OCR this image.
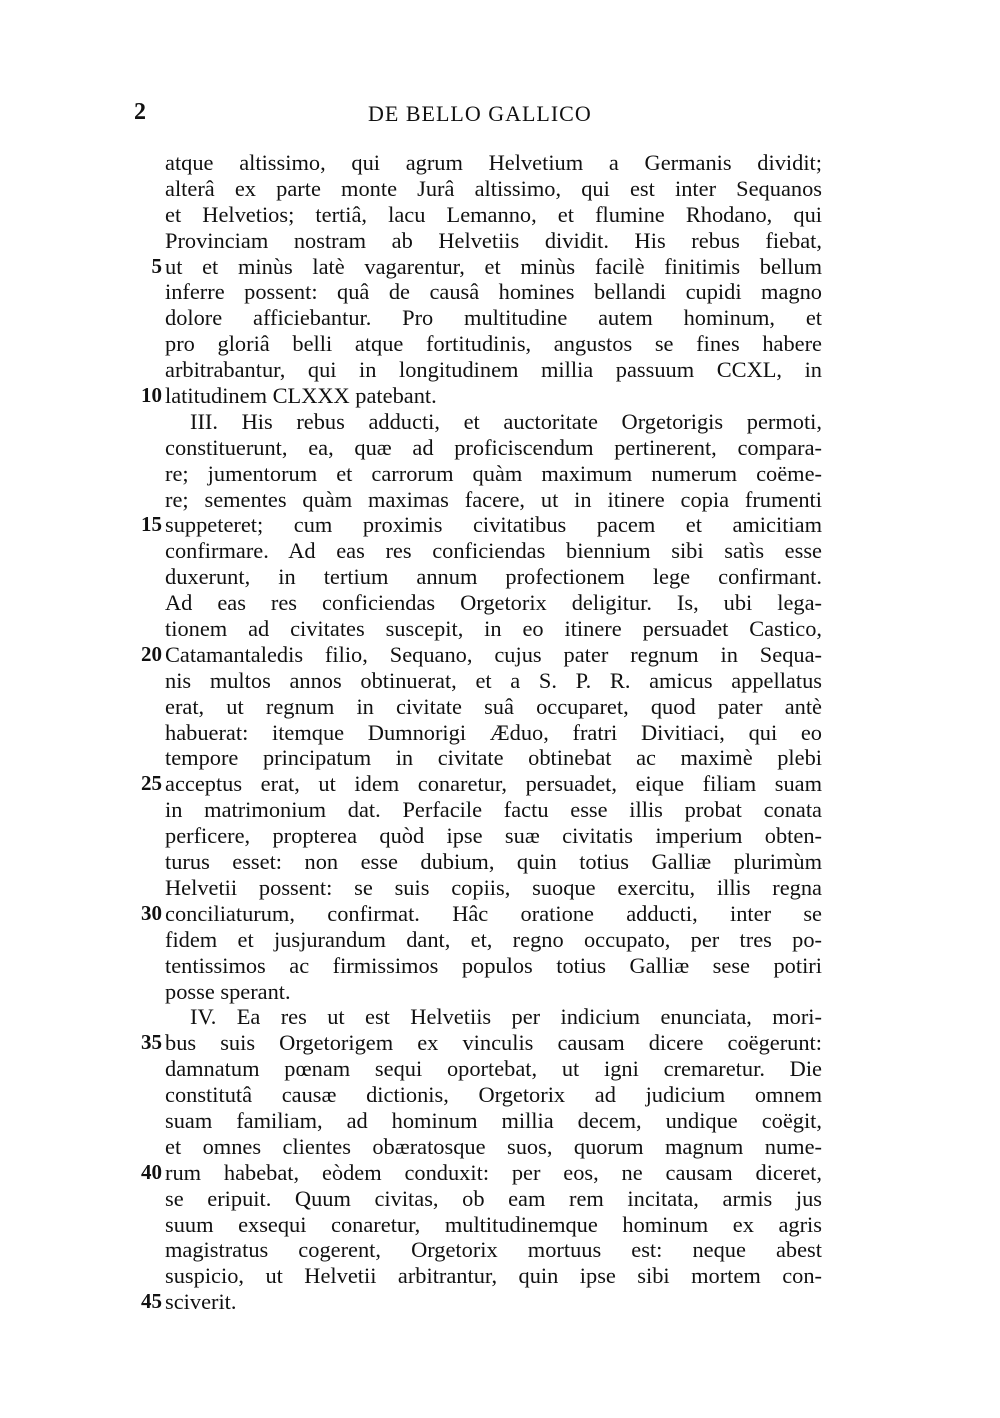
2	DE BELLO GALLICO
atque altissimo, qui agrum Helvetium a Germanis dividit;
alterâ ex parte monte Jurâ altissimo, qui est inter Sequanos
et Helvetios; tertiâ, lacu Lemanno, et flumine Rhodano, qui
Provinciam nostram ab Helvetiis dividit. His rebus fiebat,
5 ut et minùs latè vagarentur, et minùs facilè finitimis bellum
inferre possent: quâ de causâ homines bellandi cupidi magno
dolore afficiebantur. Pro multitudine autem hominum, et
pro gloriâ belli atque fortitudinis, angustos se fines habere
arbitrabantur, qui in longitudinem millia passuum CCXL, in
10 latitudinem CLXXX patebant.
III. His rebus adducti, et auctoritate Orgetorigis permoti,
constituerunt, ea, quæ ad proficiscendum pertinerent, compara-
re; jumentorum et carrorum quàm maximum numerum coëme-
re; sementes quàm maximas facere, ut in itinere copia frumenti
15 suppeteret; cum proximis civitatibus pacem et amicitiam
confirmare. Ad eas res conficiendas biennium sibi satìs esse
duxerunt, in tertium annum profectionem lege confirmant.
Ad eas res conficiendas Orgetorix deligitur. Is, ubi lega-
tionem ad civitates suscepit, in eo itinere persuadet Castico,
20 Catamantaledis filio, Sequano, cujus pater regnum in Sequa-
nis multos annos obtinuerat, et a S. P. R. amicus appellatus
erat, ut regnum in civitate suâ occuparet, quod pater antè
habuerat: itemque Dumnorigi Æduo, fratri Divitiaci, qui eo
tempore principatum in civitate obtinebat ac maximè plebi
25 acceptus erat, ut idem conaretur, persuadet, eique filiam suam
in matrimonium dat. Perfacile factu esse illis probat conata
perficere, propterea quòd ipse suæ civitatis imperium obten-
turus esset: non esse dubium, quin totius Galliæ plurimùm
Helvetii possent: se suis copiis, suoque exercitu, illis regna
30 conciliaturum, confirmat. Hâc oratione adducti, inter se
fidem et jusjurandum dant, et, regno occupato, per tres po-
tentissimos ac firmissimos populos totius Galliæ sese potiri
posse sperant.
IV. Ea res ut est Helvetiis per indicium enunciata, mori-
35 bus suis Orgetorigem ex vinculis causam dicere coëgerunt:
damnatum pœnam sequi oportebat, ut igni cremaretur. Die
constitutâ causæ dictionis, Orgetorix ad judicium omnem
suam familiam, ad hominum millia decem, undique coëgit,
et omnes clientes obæratosque suos, quorum magnum nume-
40 rum habebat, eòdem conduxit: per eos, ne causam diceret,
se eripuit. Quum civitas, ob eam rem incitata, armis jus
suum exsequi conaretur, multitudinemque hominum ex agris
magistratus cogerent, Orgetorix mortuus est: neque abest
suspicio, ut Helvetii arbitrantur, quin ipse sibi mortem con-
45 sciverit.
